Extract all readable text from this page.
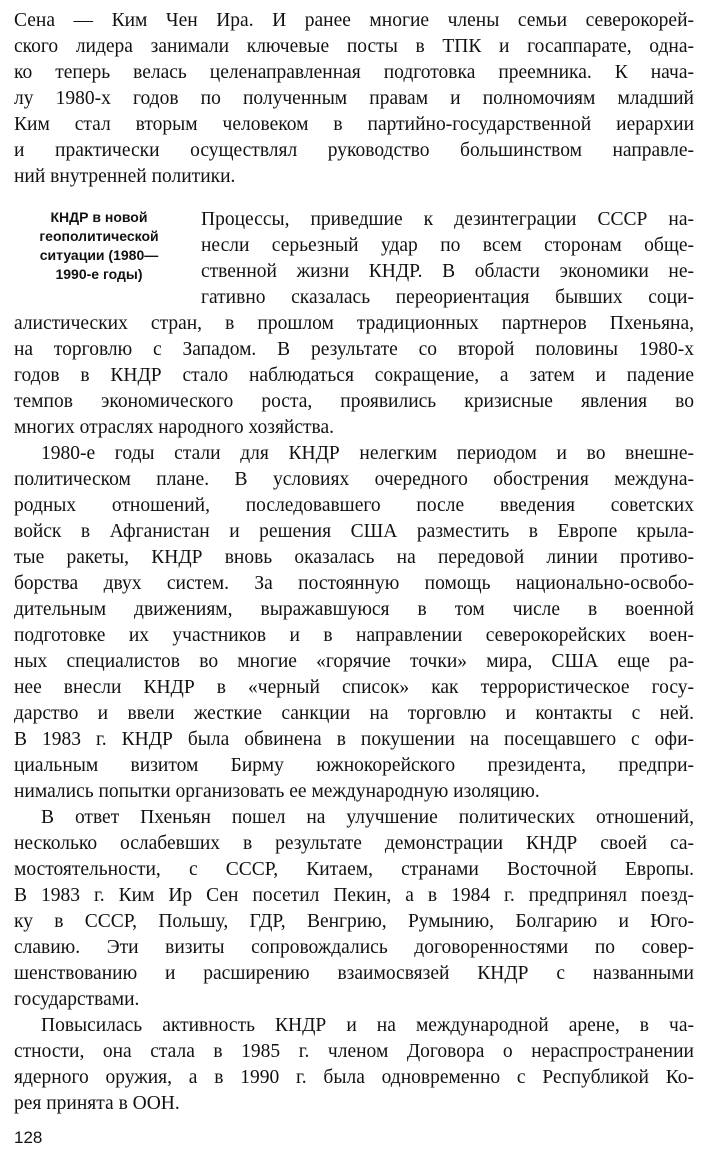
Сена — Ким Чен Ира. И ранее многие члены семьи северокорей-
ского лидера занимали ключевые посты в ТПК и госаппарате, одна-
ко теперь велась целенаправленная подготовка преемника. К нача-
лу 1980-х годов по полученным правам и полномочиям младший
Ким стал вторым человеком в партийно-государственной иерархии
и практически осуществлял руководство большинством направле-
ний внутренней политики.
КНДР в новой
геополитической
ситуации (1980—
1990-е годы)
Процессы, приведшие к дезинтеграции СССР на-
несли серьезный удар по всем сторонам обще-
ственной жизни КНДР. В области экономики не-
гативно сказалась переориентация бывших соци-
алистических стран, в прошлом традиционных партнеров Пхеньяна,
на торговлю с Западом. В результате со второй половины 1980-х
годов в КНДР стало наблюдаться сокращение, а затем и падение
темпов экономического роста, проявились кризисные явления во
многих отраслях народного хозяйства.
1980-е годы стали для КНДР нелегким периодом и во внешне-
политическом плане. В условиях очередного обострения междуна-
родных отношений, последовавшего после введения советских
войск в Афганистан и решения США разместить в Европе крыла-
тые ракеты, КНДР вновь оказалась на передовой линии противо-
борства двух систем. За постоянную помощь национально-освобо-
дительным движениям, выражавшуюся в том числе в военной
подготовке их участников и в направлении северокорейских воен-
ных специалистов во многие «горячие точки» мира, США еще ра-
нее внесли КНДР в «черный список» как террористическое госу-
дарство и ввели жесткие санкции на торговлю и контакты с ней.
В 1983 г. КНДР была обвинена в покушении на посещавшего с офи-
циальным визитом Бирму южнокорейского президента, предпри-
нимались попытки организовать ее международную изоляцию.
В ответ Пхеньян пошел на улучшение политических отношений,
несколько ослабевших в результате демонстрации КНДР своей са-
мостоятельности, с СССР, Китаем, странами Восточной Европы.
В 1983 г. Ким Ир Сен посетил Пекин, а в 1984 г. предпринял поезд-
ку в СССР, Польшу, ГДР, Венгрию, Румынию, Болгарию и Юго-
славию. Эти визиты сопровождались договоренностями по совер-
шенствованию и расширению взаимосвязей КНДР с названными
государствами.
Повысилась активность КНДР и на международной арене, в ча-
стности, она стала в 1985 г. членом Договора о нераспространении
ядерного оружия, а в 1990 г. была одновременно с Республикой Ко-
рея принята в ООН.
128
